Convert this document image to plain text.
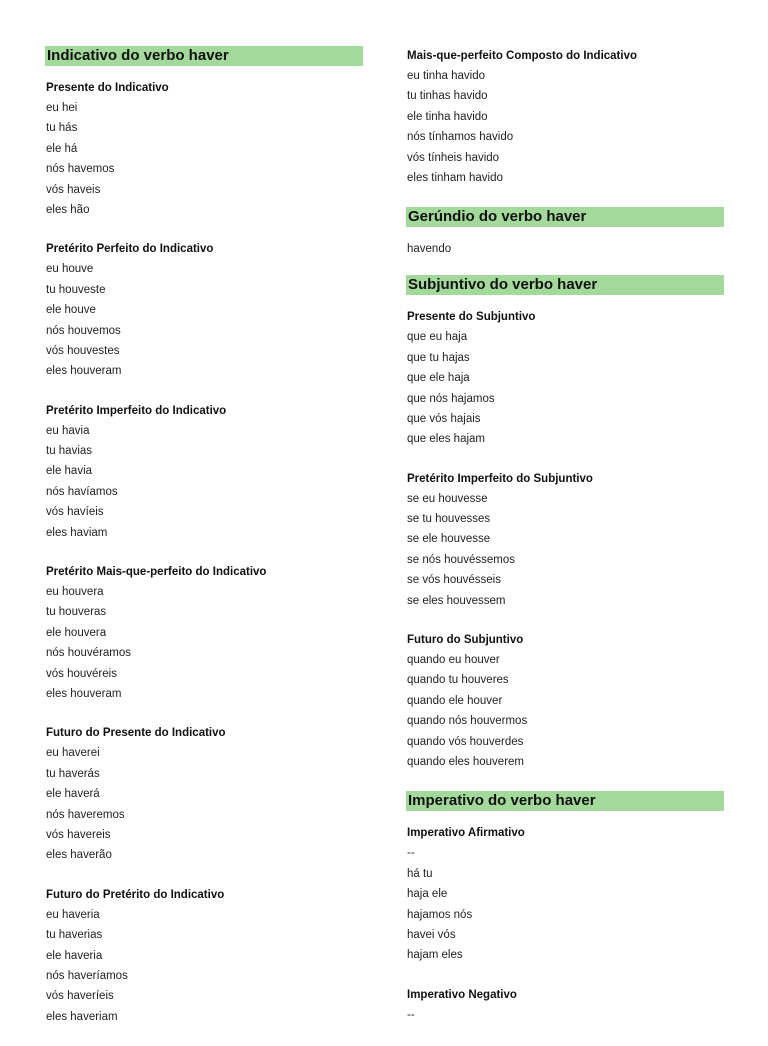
Indicativo do verbo haver
Presente do Indicativo
eu hei
tu hás
ele há
nós havemos
vós haveis
eles hão
Pretérito Perfeito do Indicativo
eu houve
tu houveste
ele houve
nós houvemos
vós houvestes
eles houveram
Pretérito Imperfeito do Indicativo
eu havia
tu havias
ele havia
nós havíamos
vós havíeis
eles haviam
Pretérito Mais-que-perfeito do Indicativo
eu houvera
tu houveras
ele houvera
nós houvéramos
vós houvéreis
eles houveram
Futuro do Presente do Indicativo
eu haverei
tu haverás
ele haverá
nós haveremos
vós havereis
eles haverão
Futuro do Pretérito do Indicativo
eu haveria
tu haverias
ele haveria
nós haveríamos
vós haveríeis
eles haveriam
Mais-que-perfeito Composto do Indicativo
eu tinha havido
tu tinhas havido
ele tinha havido
nós tínhamos havido
vós tínheis havido
eles tinham havido
Gerúndio do verbo haver
havendo
Subjuntivo do verbo haver
Presente do Subjuntivo
que eu haja
que tu hajas
que ele haja
que nós hajamos
que vós hajais
que eles hajam
Pretérito Imperfeito do Subjuntivo
se eu houvesse
se tu houvesses
se ele houvesse
se nós houvéssemos
se vós houvésseis
se eles houvessem
Futuro do Subjuntivo
quando eu houver
quando tu houveres
quando ele houver
quando nós houvermos
quando vós houverdes
quando eles houverem
Imperativo do verbo haver
Imperativo Afirmativo
--
há tu
haja ele
hajamos nós
havei vós
hajam eles
Imperativo Negativo
--
